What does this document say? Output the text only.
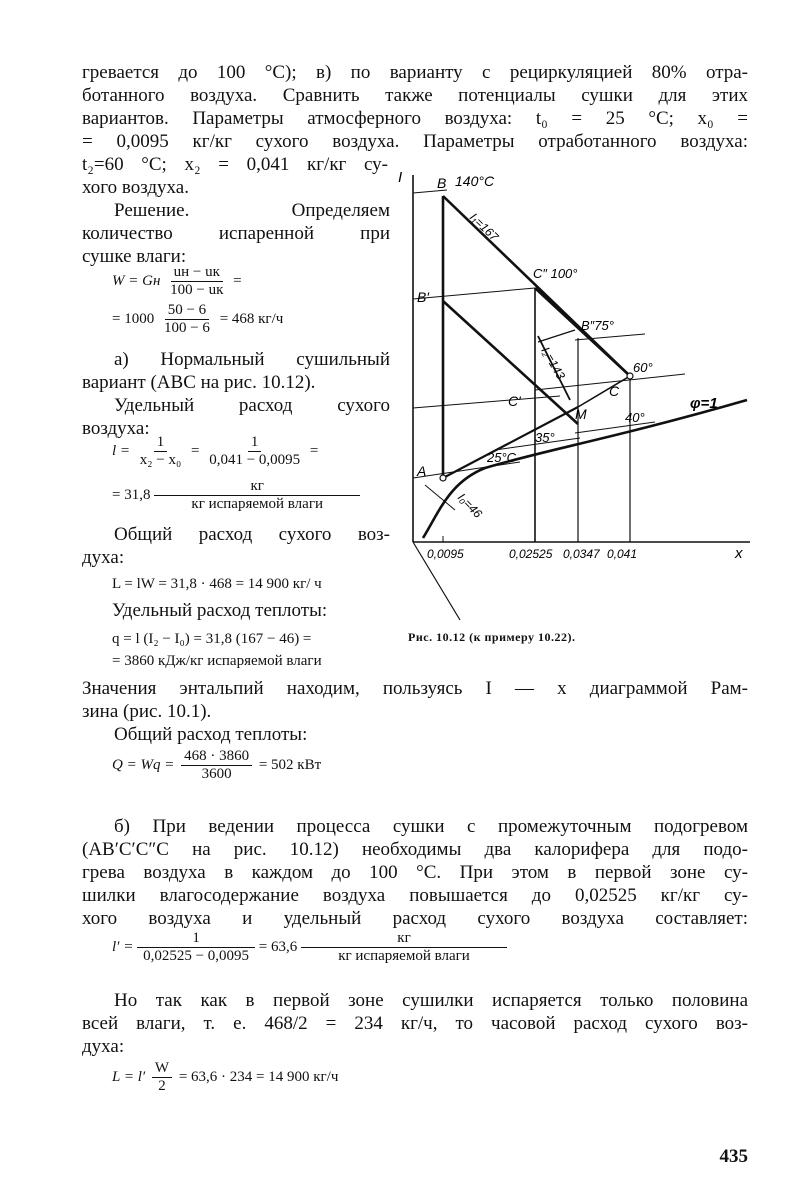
гревается до 100 °С); в) по варианту с рециркуляцией 80% отра-
ботанного воздуха. Сравнить также потенциалы сушки для этих
вариантов. Параметры атмосферного воздуха: t₀ = 25 °С; x₀ =
= 0,0095 кг/кг сухого воздуха. Параметры отработанного воздуха:
t₂=60 °С; x₂ = 0,041 кг/кг су-
хого воздуха.
Решение. Определяем
количество испаренной при
сушке влаги:
W = Gн $\frac{uн - uк}{100 - uк}$ =
= $1000 \frac{50 - 6}{100 - 6} = 468$ кг/ч
а) Нормальный сушильный
вариант (ABC на рис. 10.12).
Удельный расход сухого
воздуха:
$l = \frac{1}{\text{x₂ − x₀}} = \frac{1}{0,041 - 0,0095}$ =
= $31,8 \frac{кг}{\text{кг испаряемой влаги}}$
Общий расход сухого воз-
духа:
L = lW = 31,8 · 468 = 14 900 кг/ ч
Удельный расход теплоты:
q = l (I₂ − I₀) = 31,8 (167 − 46) =
= 3860 кДж/кг испаряемой влаги
Значения энтальпий находим, пользуясь I — x диаграммой Рам-
зина (рис. 10.1).
Общий расход теплоты:
$Q = Wq = \frac{468 \cdot 3860}{3600} = 502$ кВт
б) При ведении процесса сушки с промежуточным подогревом
(AB′C′C″C на рис. 10.12) необходимы два калорифера для подо-
грева воздуха в каждом до 100 °С. При этом в первой зоне су-
шилки влагосодержание воздуха повышается до 0,02525 кг/кг су-
хого воздуха и удельный расход сухого воздуха составляет:
$l' = \frac{1}{0,02525 - 0,0095} = 63,6 \frac{кг}{\text{кг испаряемой влаги}}$
Но так как в первой зоне сушилки испаряется только половина
всей влаги, т. е. 468/2 = 234 кг/ч, то часовой расход сухого воз-
духа:
$L = l' \frac{W}{2} = 63,6 \cdot 234 = 14$ 900 кг/ч
435
I
x
B 140°C
I₁=167
C″ 100°
B′
B″75°
I₂=143
C′
C
60°
M	40°
φ=1
35°
25°C
A
I₀=46
0,0095	0,02525 0,0347 0,041
Рис. 10.12 (к примеру 10.22).
